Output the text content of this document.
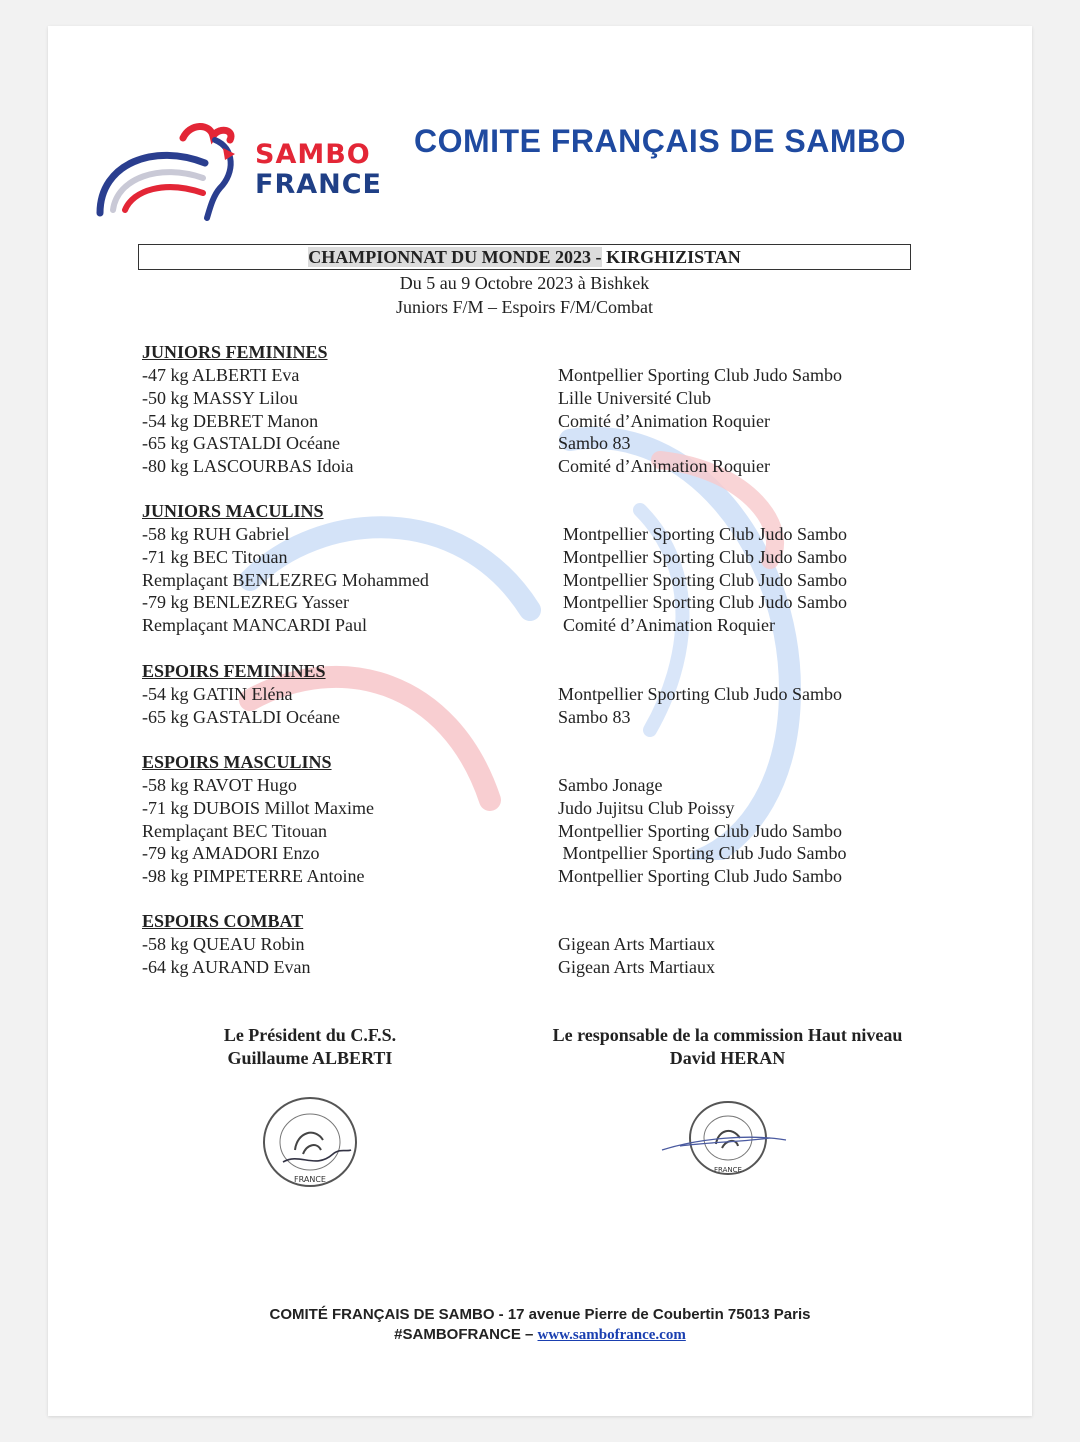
SAMBO
FRANCE
COMITE FRANÇAIS DE SAMBO
CHAMPIONNAT DU MONDE 2023 - KIRGHIZISTAN
Du 5 au 9 Octobre 2023 à Bishkek
Juniors F/M – Espoirs F/M/Combat
JUNIORS FEMININES
-47 kg ALBERTI Eva	Montpellier Sporting Club Judo Sambo
-50 kg MASSY Lilou	Lille Université Club
-54 kg DEBRET Manon	Comité d’Animation Roquier
-65 kg GASTALDI Océane	Sambo 83
-80 kg LASCOURBAS Idoia	Comité d’Animation Roquier
JUNIORS MACULINS
-58 kg RUH Gabriel	Montpellier Sporting Club Judo Sambo
-71 kg BEC Titouan	Montpellier Sporting Club Judo Sambo
Remplaçant BENLEZREG Mohammed	Montpellier Sporting Club Judo Sambo
-79 kg BENLEZREG Yasser	Montpellier Sporting Club Judo Sambo
Remplaçant MANCARDI Paul	Comité d’Animation Roquier
ESPOIRS FEMININES
-54 kg GATIN Eléna	Montpellier Sporting Club Judo Sambo
-65 kg GASTALDI Océane	Sambo 83
ESPOIRS MASCULINS
-58 kg RAVOT Hugo	Sambo Jonage
-71 kg DUBOIS Millot Maxime	Judo Jujitsu Club Poissy
Remplaçant BEC Titouan	Montpellier Sporting Club Judo Sambo
-79 kg AMADORI Enzo	Montpellier Sporting Club Judo Sambo
-98 kg PIMPETERRE Antoine	Montpellier Sporting Club Judo Sambo
ESPOIRS COMBAT
-58 kg QUEAU Robin	Gigean Arts Martiaux
-64 kg AURAND Evan	Gigean Arts Martiaux
Le Président du C.F.S.
Guillaume ALBERTI
Le responsable de la commission Haut niveau
David HERAN
FRANCE
FRANCE
COMITÉ FRANÇAIS DE SAMBO - 17 avenue Pierre de Coubertin 75013 Paris
#SAMBOFRANCE – www.sambofrance.com
